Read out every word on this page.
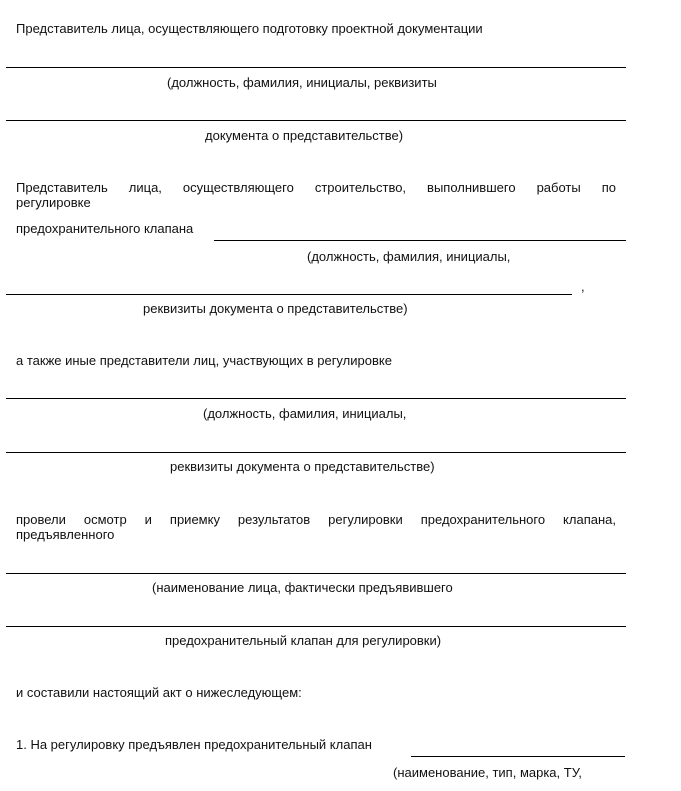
Представитель лица, осуществляющего подготовку проектной документации
(должность, фамилия, инициалы, реквизиты
документа о представительстве)
Представитель лица, осуществляющего строительство, выполнившего работы по
регулировке
предохранительного клапана
(должность, фамилия, инициалы,
,
реквизиты документа о представительстве)
а также иные представители лиц, участвующих в регулировке
(должность, фамилия, инициалы,
реквизиты документа о представительстве)
провели осмотр и приемку результатов регулировки предохранительного клапана,
предъявленного
(наименование лица, фактически предъявившего
предохранительный клапан для регулировки)
и составили настоящий акт о нижеследующем:
1. На регулировку предъявлен предохранительный клапан
(наименование, тип, марка, ТУ,
